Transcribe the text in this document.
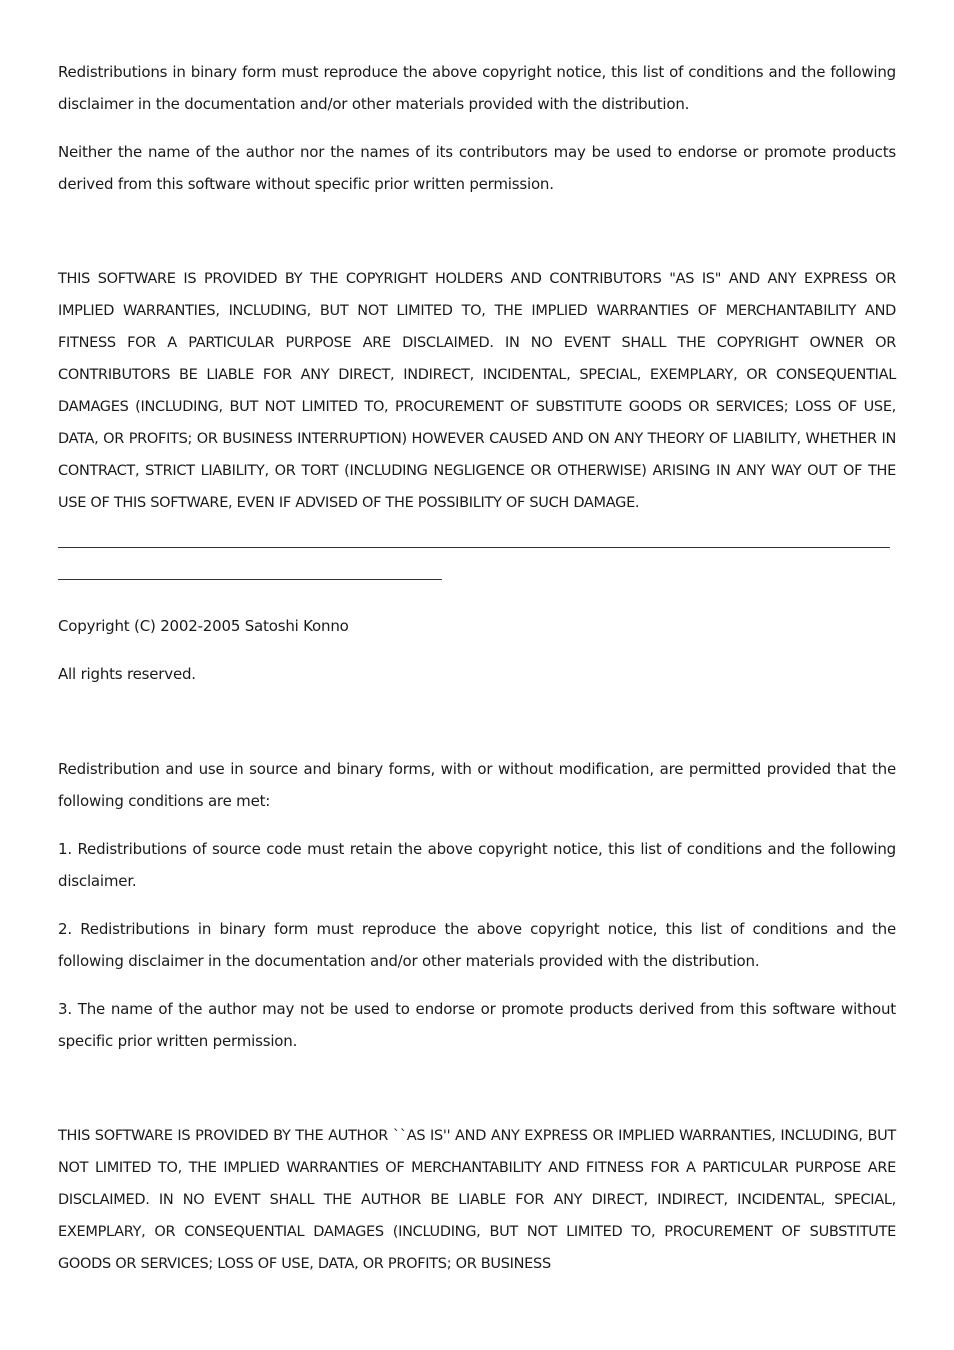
Redistributions in binary form must reproduce the above copyright notice, this list of conditions and the following disclaimer in the documentation and/or other materials provided with the distribution.

Neither the name of the author nor the names of its contributors may be used to endorse or promote products derived from this software without specific prior written permission.

THIS SOFTWARE IS PROVIDED BY THE COPYRIGHT HOLDERS AND CONTRIBUTORS "AS IS" AND ANY EXPRESS OR IMPLIED WARRANTIES, INCLUDING, BUT NOT LIMITED TO, THE IMPLIED WARRANTIES OF MERCHANTABILITY AND FITNESS FOR A PARTICULAR PURPOSE ARE DISCLAIMED. IN NO EVENT SHALL THE COPYRIGHT OWNER OR CONTRIBUTORS BE LIABLE FOR ANY DIRECT, INDIRECT, INCIDENTAL, SPECIAL, EXEMPLARY, OR CONSEQUENTIAL DAMAGES (INCLUDING, BUT NOT LIMITED TO, PROCUREMENT OF SUBSTITUTE GOODS OR SERVICES; LOSS OF USE, DATA, OR PROFITS; OR BUSINESS INTERRUPTION) HOWEVER CAUSED AND ON ANY THEORY OF LIABILITY, WHETHER IN CONTRACT, STRICT LIABILITY, OR TORT (INCLUDING NEGLIGENCE OR OTHERWISE) ARISING IN ANY WAY OUT OF THE USE OF THIS SOFTWARE, EVEN IF ADVISED OF THE POSSIBILITY OF SUCH DAMAGE.

Copyright (C) 2002-2005 Satoshi Konno

All rights reserved.

Redistribution and use in source and binary forms, with or without modification, are permitted provided that the following conditions are met:

1. Redistributions of source code must retain the above copyright notice, this list of conditions and the following disclaimer.

2. Redistributions in binary form must reproduce the above copyright notice, this list of conditions and the following disclaimer in the documentation and/or other materials provided with the distribution.

3. The name of the author may not be used to endorse or promote products derived from this software without specific prior written permission.

THIS SOFTWARE IS PROVIDED BY THE AUTHOR ``AS IS'' AND ANY EXPRESS OR IMPLIED WARRANTIES, INCLUDING, BUT NOT LIMITED TO, THE IMPLIED WARRANTIES OF MERCHANTABILITY AND FITNESS FOR A PARTICULAR PURPOSE ARE DISCLAIMED. IN NO EVENT SHALL THE AUTHOR BE LIABLE FOR ANY DIRECT, INDIRECT, INCIDENTAL, SPECIAL, EXEMPLARY, OR CONSEQUENTIAL DAMAGES (INCLUDING, BUT NOT LIMITED TO, PROCUREMENT OF SUBSTITUTE GOODS OR SERVICES; LOSS OF USE, DATA, OR PROFITS; OR BUSINESS
